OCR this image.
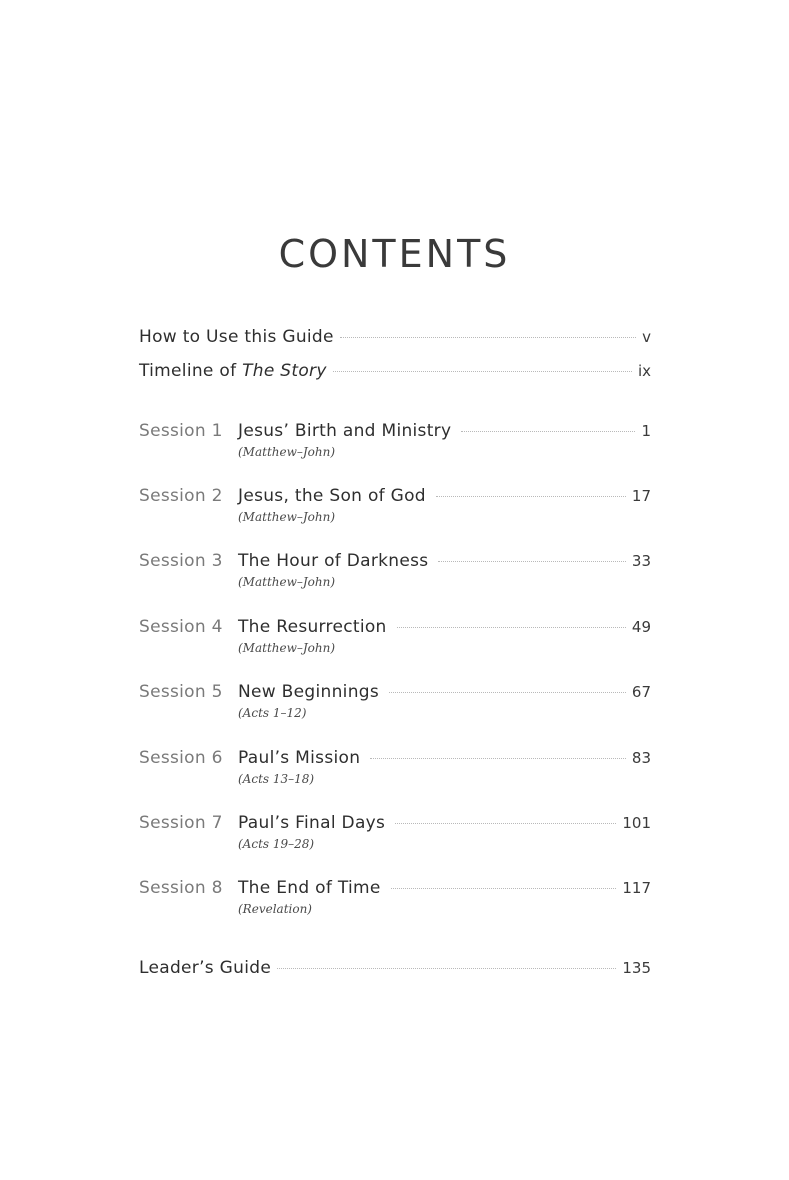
CONTENTS
How to Use this Guide	v
Timeline of The Story	ix
Session 1 Jesus’ Birth and Ministry	1
(Matthew–John)
Session 2 Jesus, the Son of God	17
(Matthew–John)
Session 3 The Hour of Darkness	33
(Matthew–John)
Session 4 The Resurrection	49
(Matthew–John)
Session 5 New Beginnings	67
(Acts 1–12)
Session 6 Paul’s Mission	83
(Acts 13–18)
Session 7 Paul’s Final Days	101
(Acts 19–28)
Session 8 The End of Time	117
(Revelation)
Leader’s Guide	135
